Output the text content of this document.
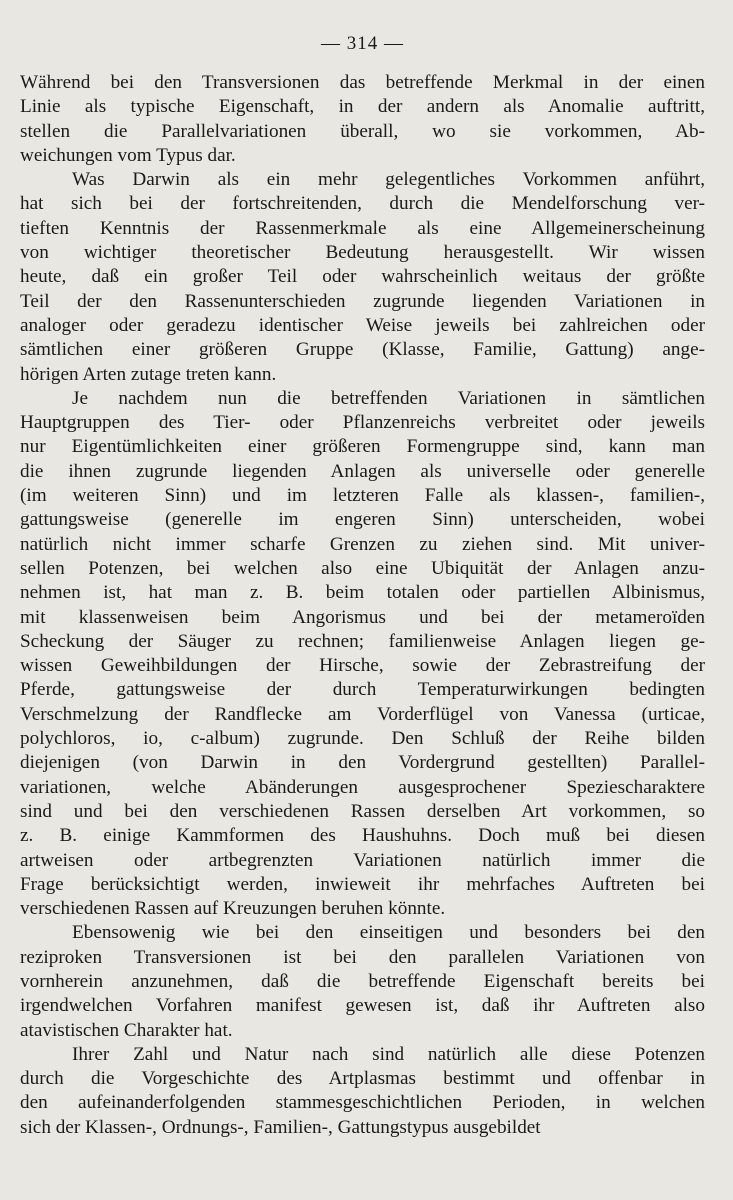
— 314 —
Während bei den Transversionen das betreffende Merkmal in der einen
Linie als typische Eigenschaft, in der andern als Anomalie auftritt,
stellen die Parallelvariationen überall, wo sie vorkommen, Ab-
weichungen vom Typus dar.
Was Darwin als ein mehr gelegentliches Vorkommen anführt,
hat sich bei der fortschreitenden, durch die Mendelforschung ver-
tieften Kenntnis der Rassenmerkmale als eine Allgemeinerscheinung
von wichtiger theoretischer Bedeutung herausgestellt. Wir wissen
heute, daß ein großer Teil oder wahrscheinlich weitaus der größte
Teil der den Rassenunterschieden zugrunde liegenden Variationen in
analoger oder geradezu identischer Weise jeweils bei zahlreichen oder
sämtlichen einer größeren Gruppe (Klasse, Familie, Gattung) ange-
hörigen Arten zutage treten kann.
Je nachdem nun die betreffenden Variationen in sämtlichen
Hauptgruppen des Tier- oder Pflanzenreichs verbreitet oder jeweils
nur Eigentümlichkeiten einer größeren Formengruppe sind, kann man
die ihnen zugrunde liegenden Anlagen als universelle oder generelle
(im weiteren Sinn) und im letzteren Falle als klassen-, familien-,
gattungsweise (generelle im engeren Sinn) unterscheiden, wobei
natürlich nicht immer scharfe Grenzen zu ziehen sind. Mit univer-
sellen Potenzen, bei welchen also eine Ubiquität der Anlagen anzu-
nehmen ist, hat man z. B. beim totalen oder partiellen Albinismus,
mit klassenweisen beim Angorismus und bei der metameroïden
Scheckung der Säuger zu rechnen; familienweise Anlagen liegen ge-
wissen Geweihbildungen der Hirsche, sowie der Zebrastreifung der
Pferde, gattungsweise der durch Temperaturwirkungen bedingten
Verschmelzung der Randflecke am Vorderflügel von Vanessa (urticae,
polychloros, io, c-album) zugrunde. Den Schluß der Reihe bilden
diejenigen (von Darwin in den Vordergrund gestellten) Parallel-
variationen, welche Abänderungen ausgesprochener Speziescharaktere
sind und bei den verschiedenen Rassen derselben Art vorkommen, so
z. B. einige Kammformen des Haushuhns. Doch muß bei diesen
artweisen oder artbegrenzten Variationen natürlich immer die
Frage berücksichtigt werden, inwieweit ihr mehrfaches Auftreten bei
verschiedenen Rassen auf Kreuzungen beruhen könnte.
Ebensowenig wie bei den einseitigen und besonders bei den
reziproken Transversionen ist bei den parallelen Variationen von
vornherein anzunehmen, daß die betreffende Eigenschaft bereits bei
irgendwelchen Vorfahren manifest gewesen ist, daß ihr Auftreten also
atavistischen Charakter hat.
Ihrer Zahl und Natur nach sind natürlich alle diese Potenzen
durch die Vorgeschichte des Artplasmas bestimmt und offenbar in
den aufeinanderfolgenden stammesgeschichtlichen Perioden, in welchen
sich der Klassen-, Ordnungs-, Familien-, Gattungstypus ausgebildet
